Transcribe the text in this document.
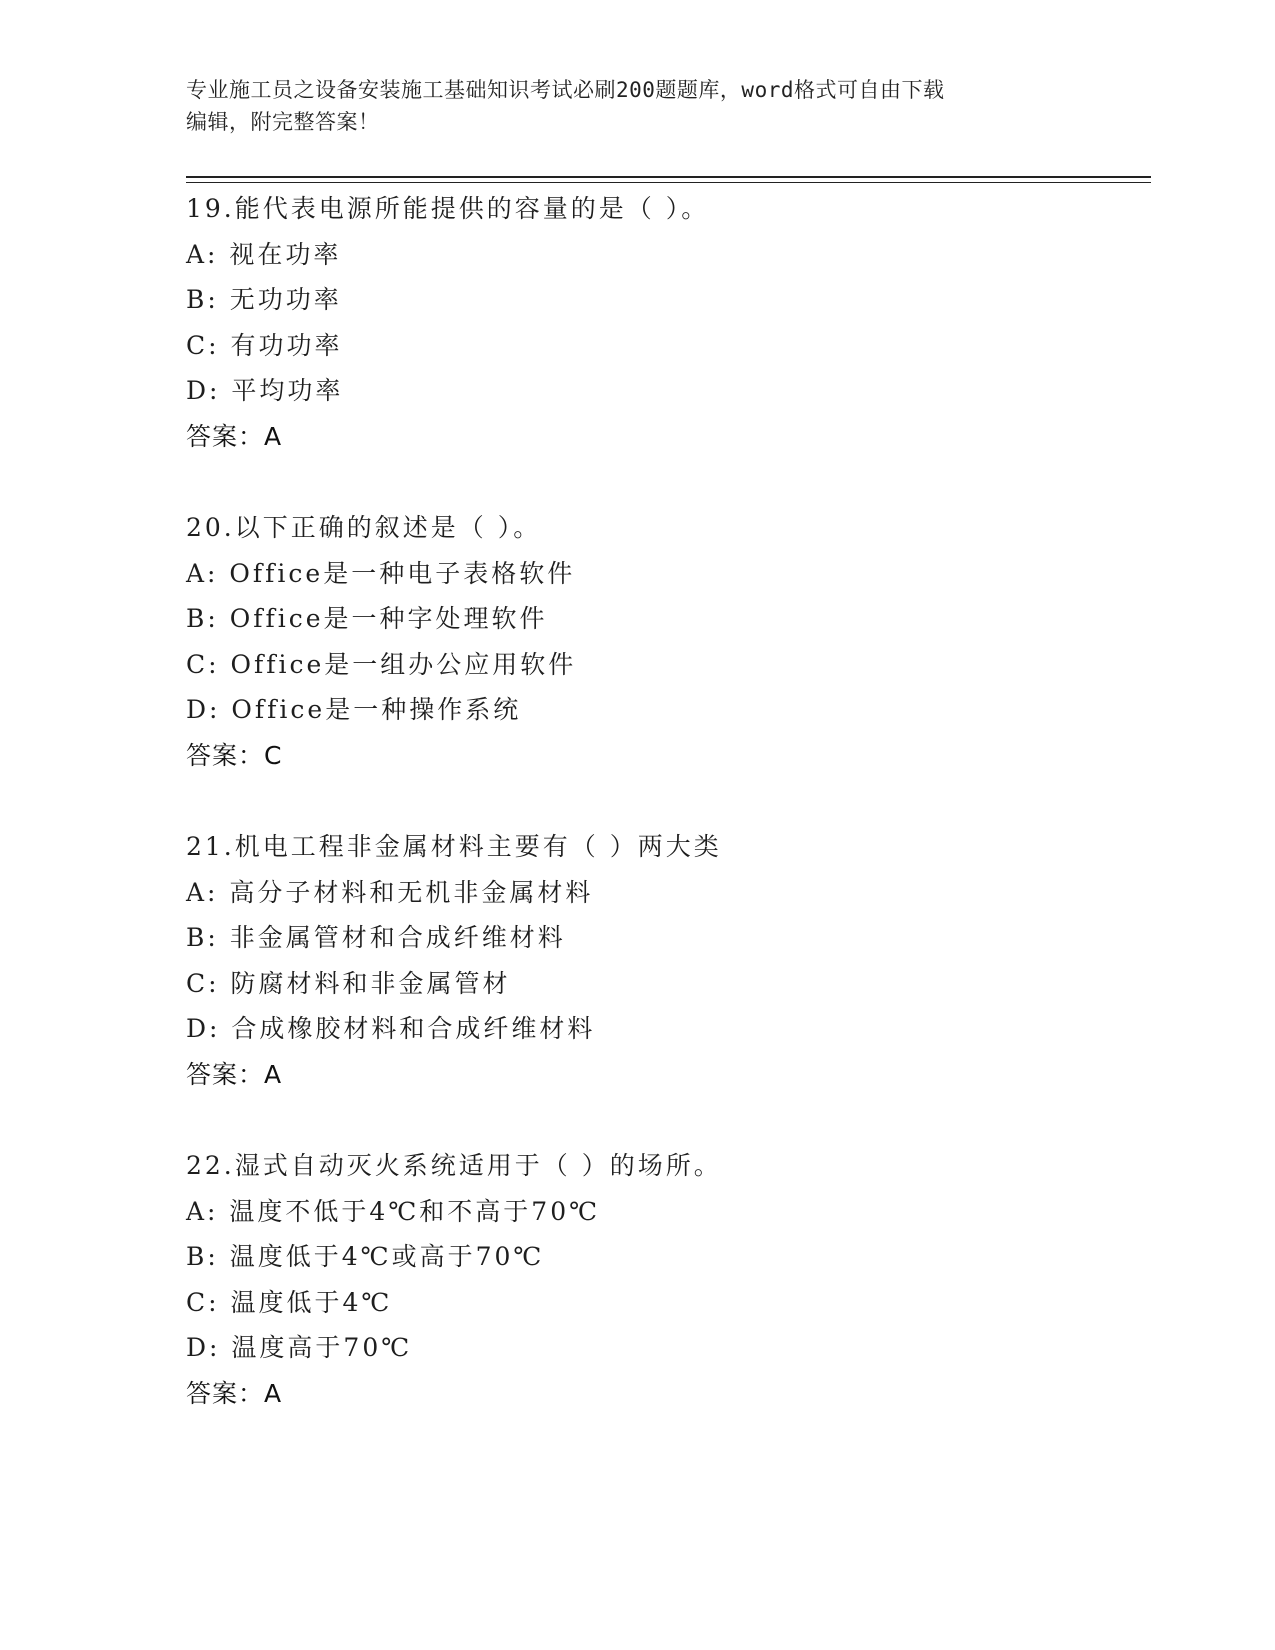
专业施工员之设备安装施工基础知识考试必刷200题题库，word格式可自由下载
编辑，附完整答案！
19.能代表电源所能提供的容量的是（ ）。
A: 视在功率
B: 无功功率
C: 有功功率
D: 平均功率
答案：A
20.以下正确的叙述是（ ）。
A: Office是一种电子表格软件
B: Office是一种字处理软件
C: Office是一组办公应用软件
D: Office是一种操作系统
答案：C
21.机电工程非金属材料主要有（ ）两大类
A: 高分子材料和无机非金属材料
B: 非金属管材和合成纤维材料
C: 防腐材料和非金属管材
D: 合成橡胶材料和合成纤维材料
答案：A
22.湿式自动灭火系统适用于（ ）的场所。
A: 温度不低于4℃和不高于70℃
B: 温度低于4℃或高于70℃
C: 温度低于4℃
D: 温度高于70℃
答案：A
